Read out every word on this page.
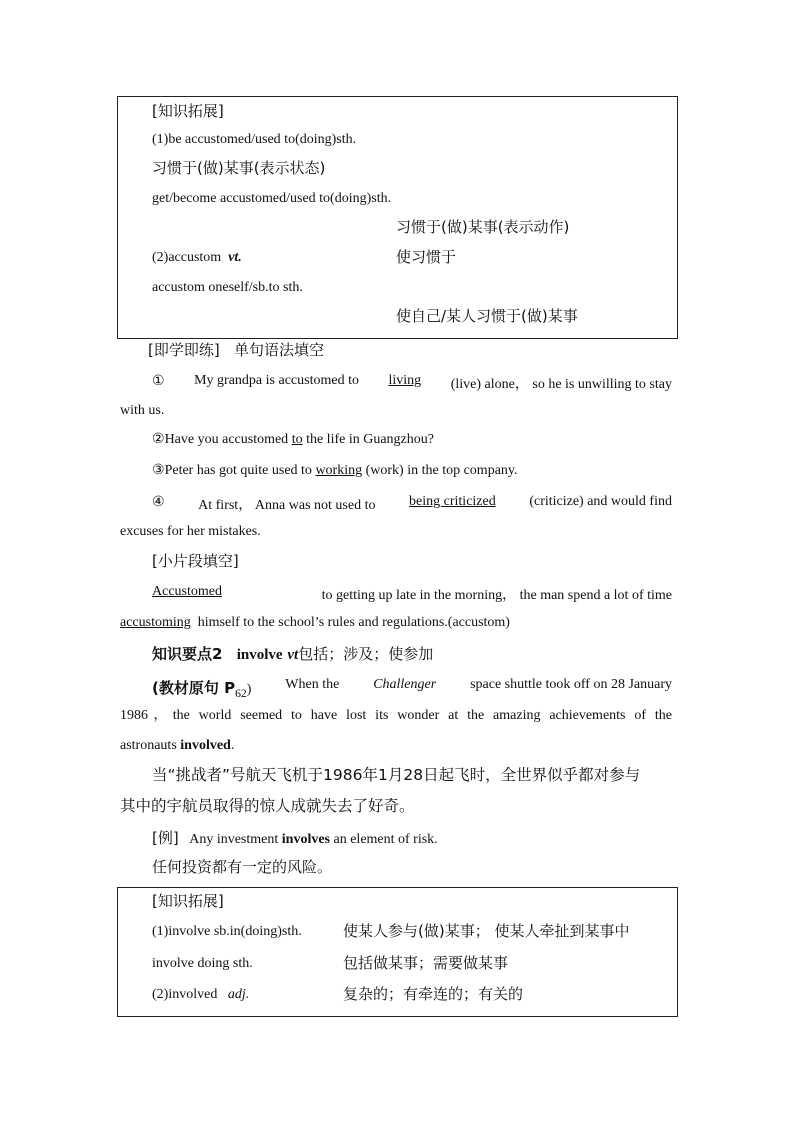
[知识拓展]
(1)be accustomed/used to(doing)sth.
习惯于(做)某事(表示状态)
get/become accustomed/used to(doing)sth.
习惯于(做)某事(表示动作)
(2)accustom vt.	使习惯于
accustom oneself/sb.to sth.
使自己/某人习惯于(做)某事
[即学即练] 单句语法填空
① My grandpa is accustomed to living (live) alone， so he is unwilling to stay
with us.
②Have you accustomed to the life in Guangzhou?
③Peter has got quite used to working (work) in the top company.
④ At first， Anna was not used to being criticized (criticize) and would find
excuses for her mistakes.
[小片段填空]
Accustomed	to getting up late in the morning， the man spend a lot of time
accustoming himself to the school’s rules and regulations.(accustom)
知识要点2 involve vt包括；涉及；使参加
(教材原句 $P_{62}$) When the Challenger space shuttle took off on 28 January
1986，the world seemed to have lost its wonder at the amazing achievements of the
astronauts involved.
当“挑战者”号航天飞机于1986年1月28日起飞时，全世界似乎都对参与
其中的宇航员取得的惊人成就失去了好奇。
[例] Any investment involves an element of risk.
任何投资都有一定的风险。
[知识拓展]
(1)involve sb.in(doing)sth.	使某人参与(做)某事； 使某人牵扯到某事中
involve doing sth.	包括做某事；需要做某事
(2)involved adj.	复杂的；有牵连的；有关的
